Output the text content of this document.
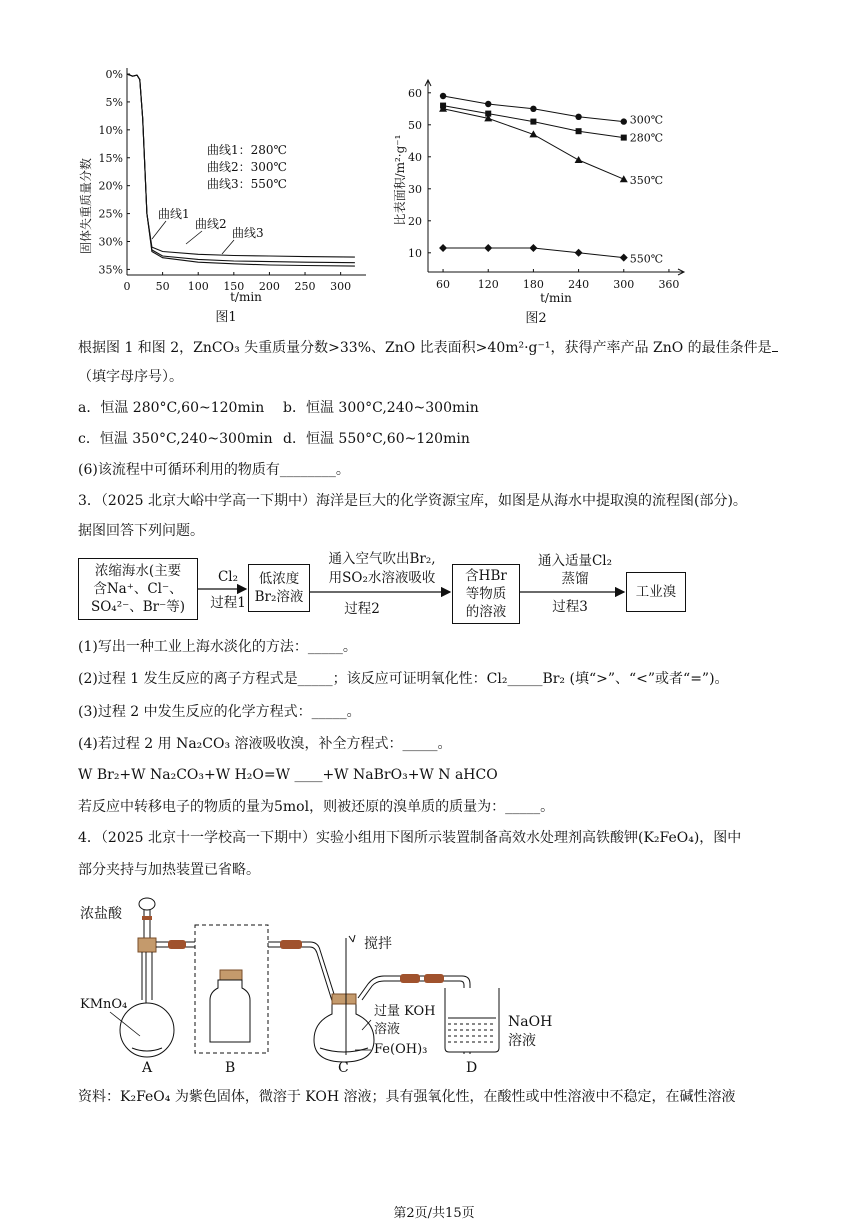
0%
5%
10%
15%
20%
25%
30%
35%
0 50 100 150 200 250 300
固体失重质量分数
t/min
图1
曲线1：280℃
曲线2：300℃
曲线3：550℃
曲线1
曲线2
曲线3
300℃
280℃
350℃
550℃
10
20
30
40
50
60
60	120 180 240 300 360
比表面积/m²·g⁻¹
t/min
图2
根据图 1 和图 2，ZnCO₃ 失重质量分数>33%、ZnO 比表面积>40m²·g⁻¹，获得产率产品 ZnO 的最佳条件是
（填字母序号）。
a．恒温 280°C,60~120min b．恒温 300°C,240~300min
c．恒温 350°C,240~300min d．恒温 550°C,60~120min
(6)该流程中可循环利用的物质有________。
3．（2025 北京大峪中学高一下期中）海洋是巨大的化学资源宝库，如图是从海水中提取溴的流程图(部分)。
据图回答下列问题。
浓缩海水(主要
含Na⁺、Cl⁻、
SO₄²⁻、Br⁻等)
Cl₂
过程1
低浓度
Br₂溶液
通入空气吹出Br₂,
用SO₂水溶液吸收
过程2
含HBr
等物质
的溶液
通入适量Cl₂
蒸馏
过程3
工业溴
(1)写出一种工业上海水淡化的方法：_____。
(2)过程 1 发生反应的离子方程式是_____；该反应可证明氧化性：Cl₂_____Br₂ (填“>”、“<”或者“=”)。
(3)过程 2 中发生反应的化学方程式：_____。
(4)若过程 2 用 Na₂CO₃ 溶液吸收溴，补全方程式：_____。
W Br₂+W Na₂CO₃+W H₂O=W ____+W NaBrO₃+W N aHCO
若反应中转移电子的物质的量为5mol，则被还原的溴单质的质量为：_____。
4．（2025 北京十一学校高一下期中）实验小组用下图所示装置制备高效水处理剂高铁酸钾(K₂FeO₄)，图中
部分夹持与加热装置已省略。
浓盐酸
KMnO₄
A	B
搅拌
过量 KOH
溶液
Fe(OH)₃
C
NaOH
溶液
D
资料：K₂FeO₄ 为紫色固体，微溶于 KOH 溶液；具有强氧化性，在酸性或中性溶液中不稳定，在碱性溶液
第2页/共15页
